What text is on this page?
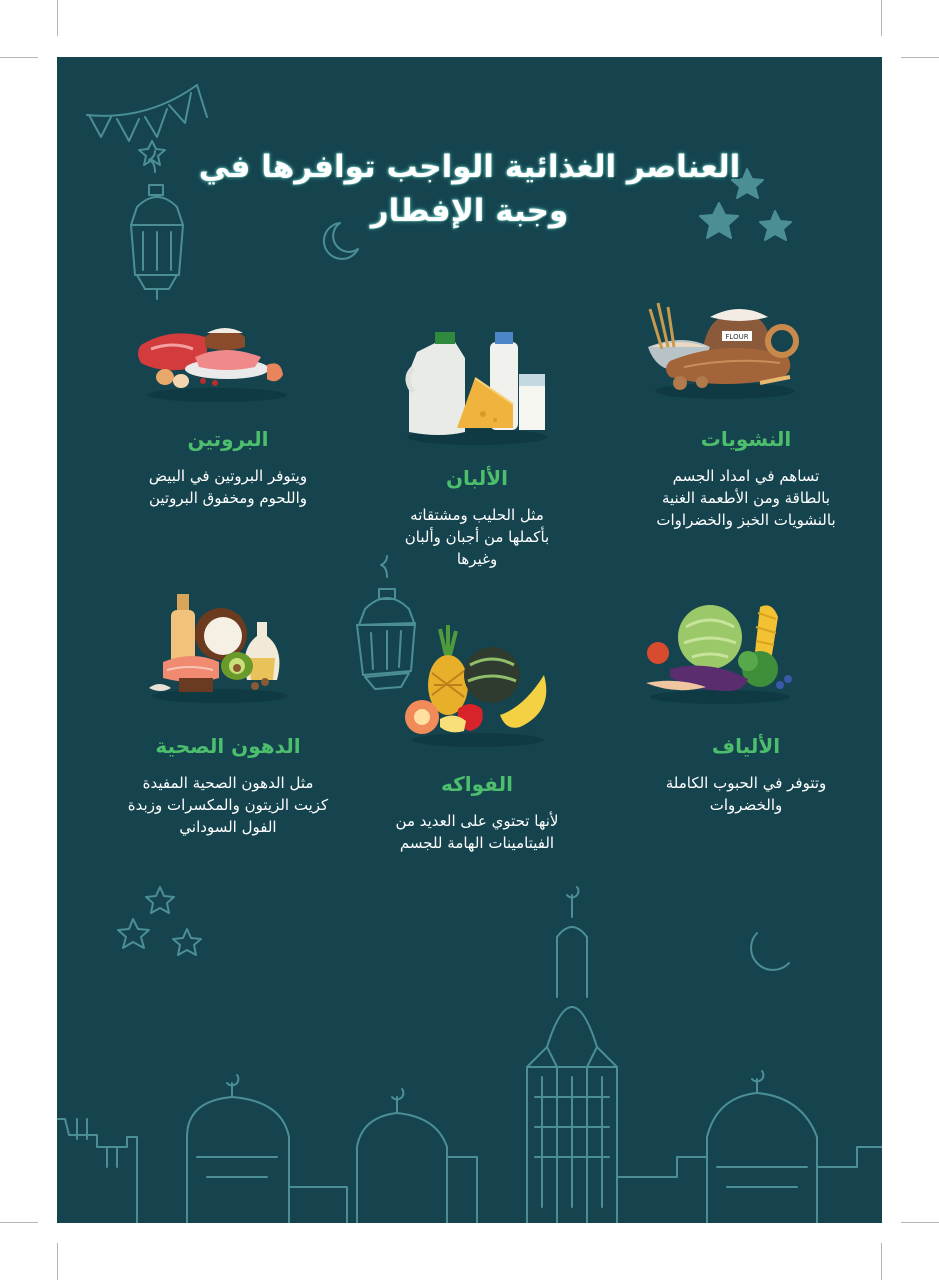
العناصر الغذائية الواجب توافرها في
وجبة الإفطار
FLOUR
النشويات
تساهم في امداد الجسم
بالطاقة ومن الأطعمة الغنية
بالنشويات الخبز والخضراوات
الألبان
مثل الحليب ومشتقاته
بأكملها من أجبان وألبان
وغيرها
البروتين
ويتوفر البروتين في البيض
واللحوم ومخفوق البروتين
الألياف
وتتوفر في الحبوب الكاملة
والخضروات
الفواكه
لأنها تحتوي على العديد من
الفيتامينات الهامة للجسم
الدهون الصحية
مثل الدهون الصحية المفيدة
كزيت الزيتون والمكسرات وزبدة
الفول السوداني
